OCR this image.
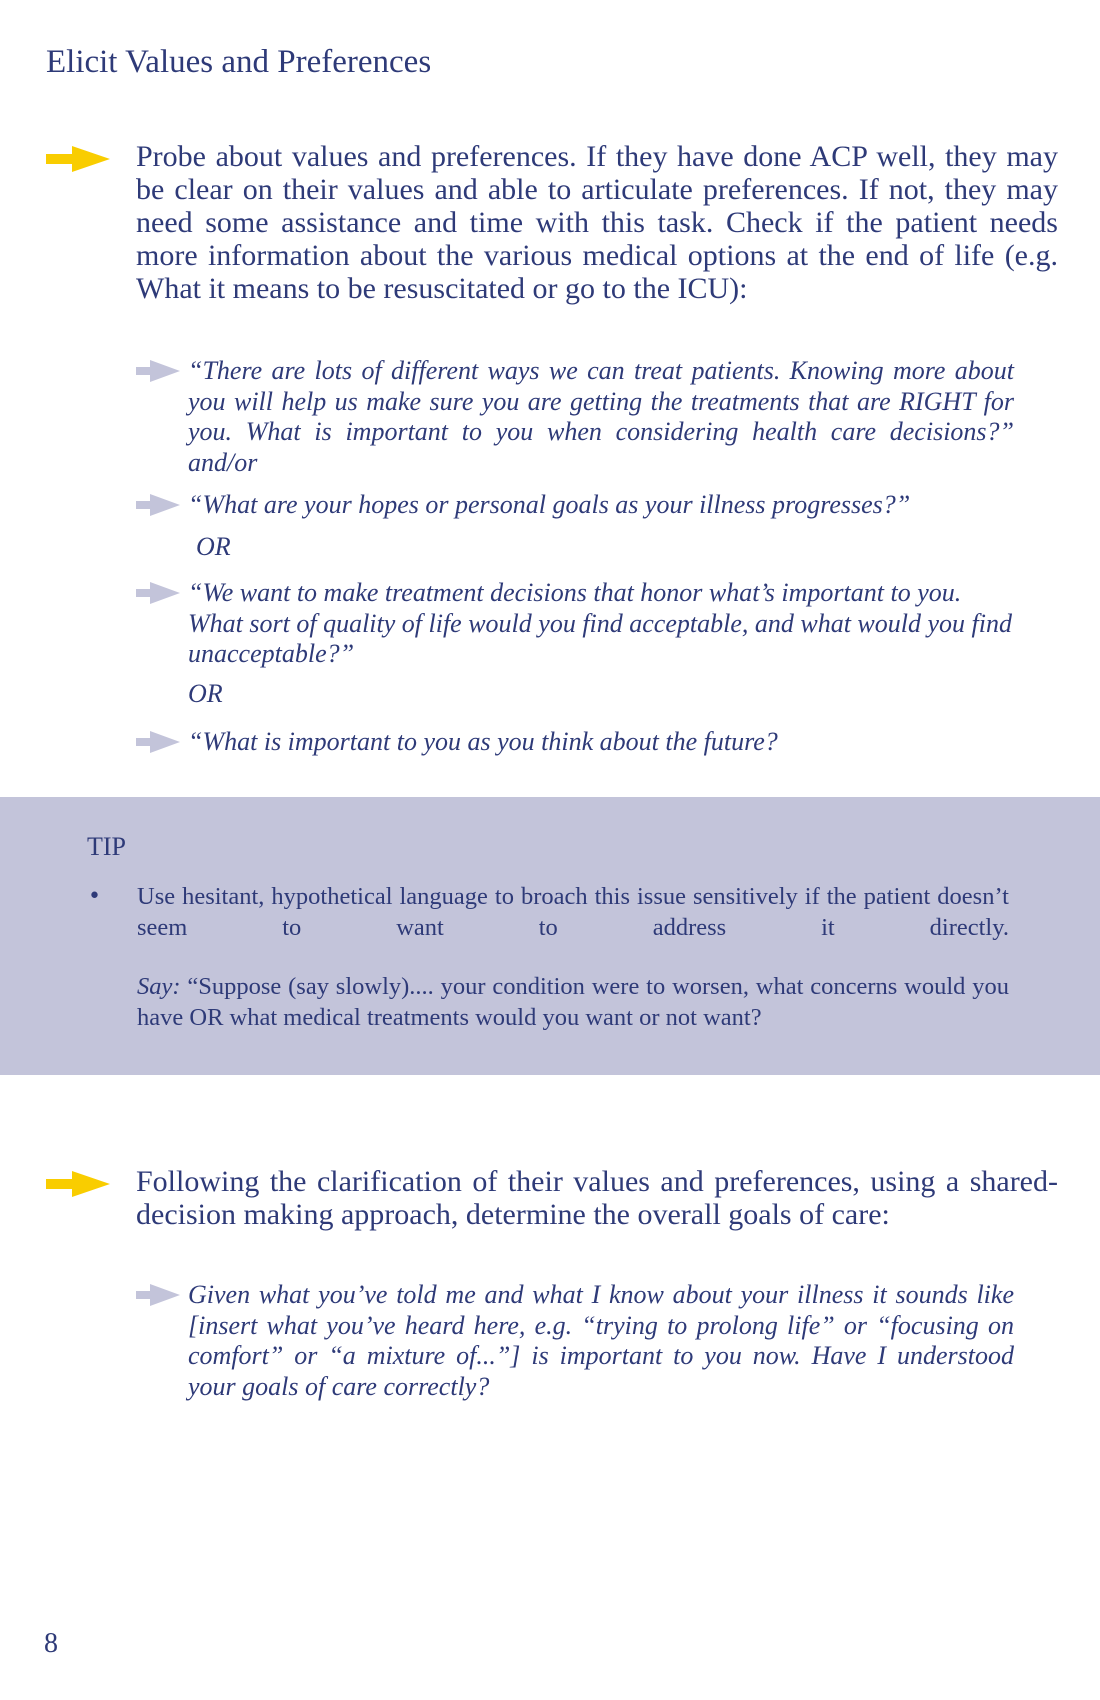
Elicit Values and Preferences
Probe about values and preferences. If they have done ACP well, they may be clear on their values and able to articulate preferences. If not, they may need some assistance and time with this task. Check if the patient needs more information about the various medical options at the end of life (e.g. What it means to be resuscitated or go to the ICU):
“There are lots of different ways we can treat patients. Knowing more about you will help us make sure you are getting the treatments that are RIGHT for you. What is important to you when considering health care decisions?” and/or
“What are your hopes or personal goals as your illness progresses?”
OR
“We want to make treatment decisions that honor what’s important to you. What sort of quality of life would you find acceptable, and what would you find unacceptable?”
OR
“What is important to you as you think about the future?
TIP
• Use hesitant, hypothetical language to broach this issue sensitively if the patient doesn’t seem to want to address it directly.
Say: “Suppose (say slowly).... your condition were to worsen, what concerns would you have OR what medical treatments would you want or not want?
Following the clarification of their values and preferences, using a shared-decision making approach, determine the overall goals of care:
Given what you’ve told me and what I know about your illness it sounds like [insert what you’ve heard here, e.g. “trying to prolong life” or “focusing on comfort” or “a mixture of...”] is important to you now. Have I understood your goals of care correctly?
8
